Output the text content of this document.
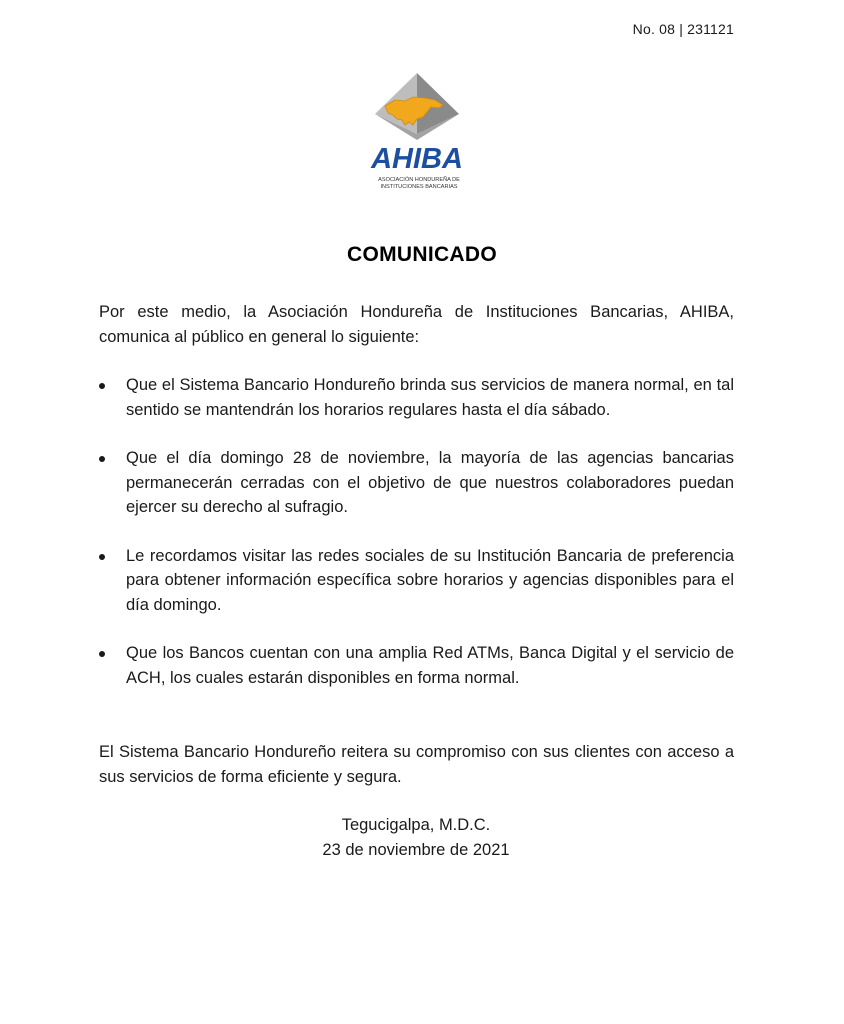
No. 08 | 231121
AHIBA
ASOCIACIÓN HONDUREÑA DE
INSTITUCIONES BANCARIAS
COMUNICADO
Por este medio, la Asociación Hondureña de Instituciones Bancarias, AHIBA, comunica al público en general lo siguiente:
Que el Sistema Bancario Hondureño brinda sus servicios de manera normal, en tal sentido se mantendrán los horarios regulares hasta el día sábado.
Que el día domingo 28 de noviembre, la mayoría de las agencias bancarias permanecerán cerradas con el objetivo de que nuestros colaboradores puedan ejercer su derecho al sufragio.
Le recordamos visitar las redes sociales de su Institución Bancaria de preferencia para obtener información específica sobre horarios y agencias disponibles para el día domingo.
Que los Bancos cuentan con una amplia Red ATMs, Banca Digital y el servicio de ACH, los cuales estarán disponibles en forma normal.
El Sistema Bancario Hondureño reitera su compromiso con sus clientes con acceso a sus servicios de forma eficiente y segura.
Tegucigalpa, M.D.C.
23 de noviembre de 2021
